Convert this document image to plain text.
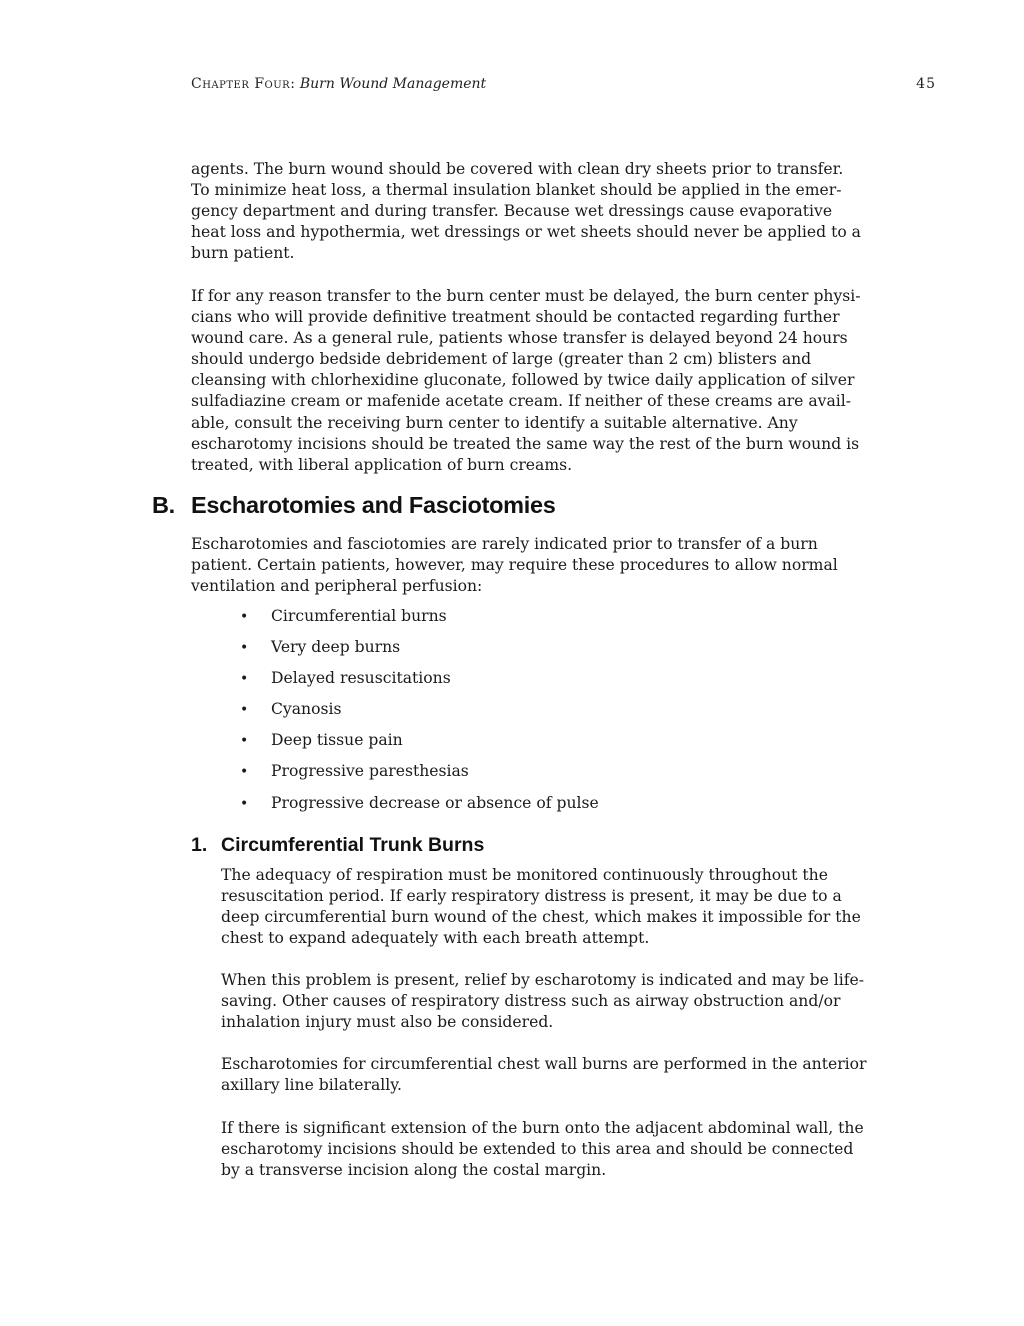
Chapter Four: Burn Wound Management	45

agents. The burn wound should be covered with clean dry sheets prior to transfer.
To minimize heat loss, a thermal insulation blanket should be applied in the emer-
gency department and during transfer. Because wet dressings cause evaporative
heat loss and hypothermia, wet dressings or wet sheets should never be applied to a
burn patient.

If for any reason transfer to the burn center must be delayed, the burn center physi-
cians who will provide definitive treatment should be contacted regarding further
wound care. As a general rule, patients whose transfer is delayed beyond 24 hours
should undergo bedside debridement of large (greater than 2 cm) blisters and
cleansing with chlorhexidine gluconate, followed by twice daily application of silver
sulfadiazine cream or mafenide acetate cream. If neither of these creams are avail-
able, consult the receiving burn center to identify a suitable alternative. Any
escharotomy incisions should be treated the same way the rest of the burn wound is
treated, with liberal application of burn creams.

B. Escharotomies and Fasciotomies

Escharotomies and fasciotomies are rarely indicated prior to transfer of a burn
patient. Certain patients, however, may require these procedures to allow normal
ventilation and peripheral perfusion:

• Circumferential burns
• Very deep burns
• Delayed resuscitations
• Cyanosis
• Deep tissue pain
• Progressive paresthesias
• Progressive decrease or absence of pulse
1. Circumferential Trunk Burns

The adequacy of respiration must be monitored continuously throughout the
resuscitation period. If early respiratory distress is present, it may be due to a
deep circumferential burn wound of the chest, which makes it impossible for the
chest to expand adequately with each breath attempt.

When this problem is present, relief by escharotomy is indicated and may be life-
saving. Other causes of respiratory distress such as airway obstruction and/or
inhalation injury must also be considered.

Escharotomies for circumferential chest wall burns are performed in the anterior
axillary line bilaterally.

If there is significant extension of the burn onto the adjacent abdominal wall, the
escharotomy incisions should be extended to this area and should be connected
by a transverse incision along the costal margin.
